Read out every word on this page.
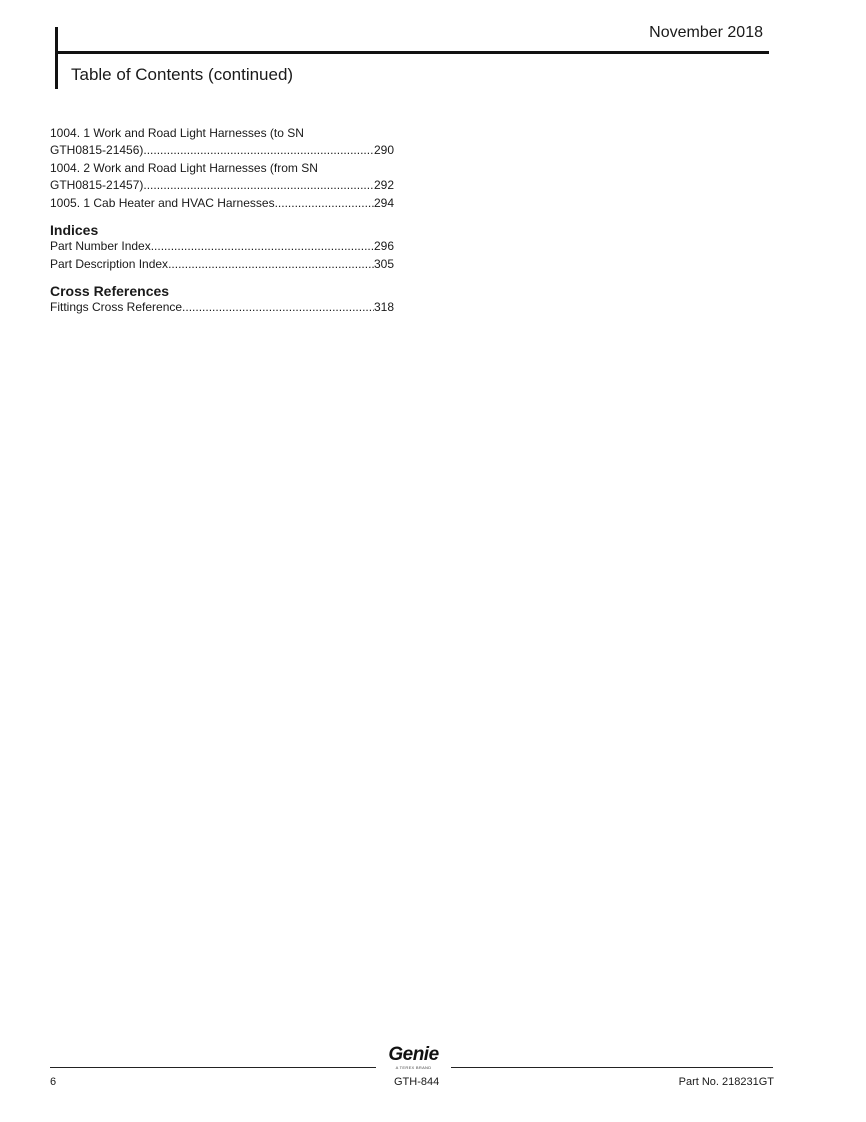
November 2018
Table of Contents (continued)
1004. 1 Work and Road Light Harnesses (to SN
GTH0815-21456) .....	290
1004. 2 Work and Road Light Harnesses (from SN
GTH0815-21457) .....	292
1005. 1 Cab Heater and HVAC Harnesses .....	294
Indices
Part Number Index .....	296
Part Description Index .....	305
Cross References
Fittings Cross Reference .....	318
Genie
A TEREX BRAND
6	GTH-844	Part No. 218231GT
